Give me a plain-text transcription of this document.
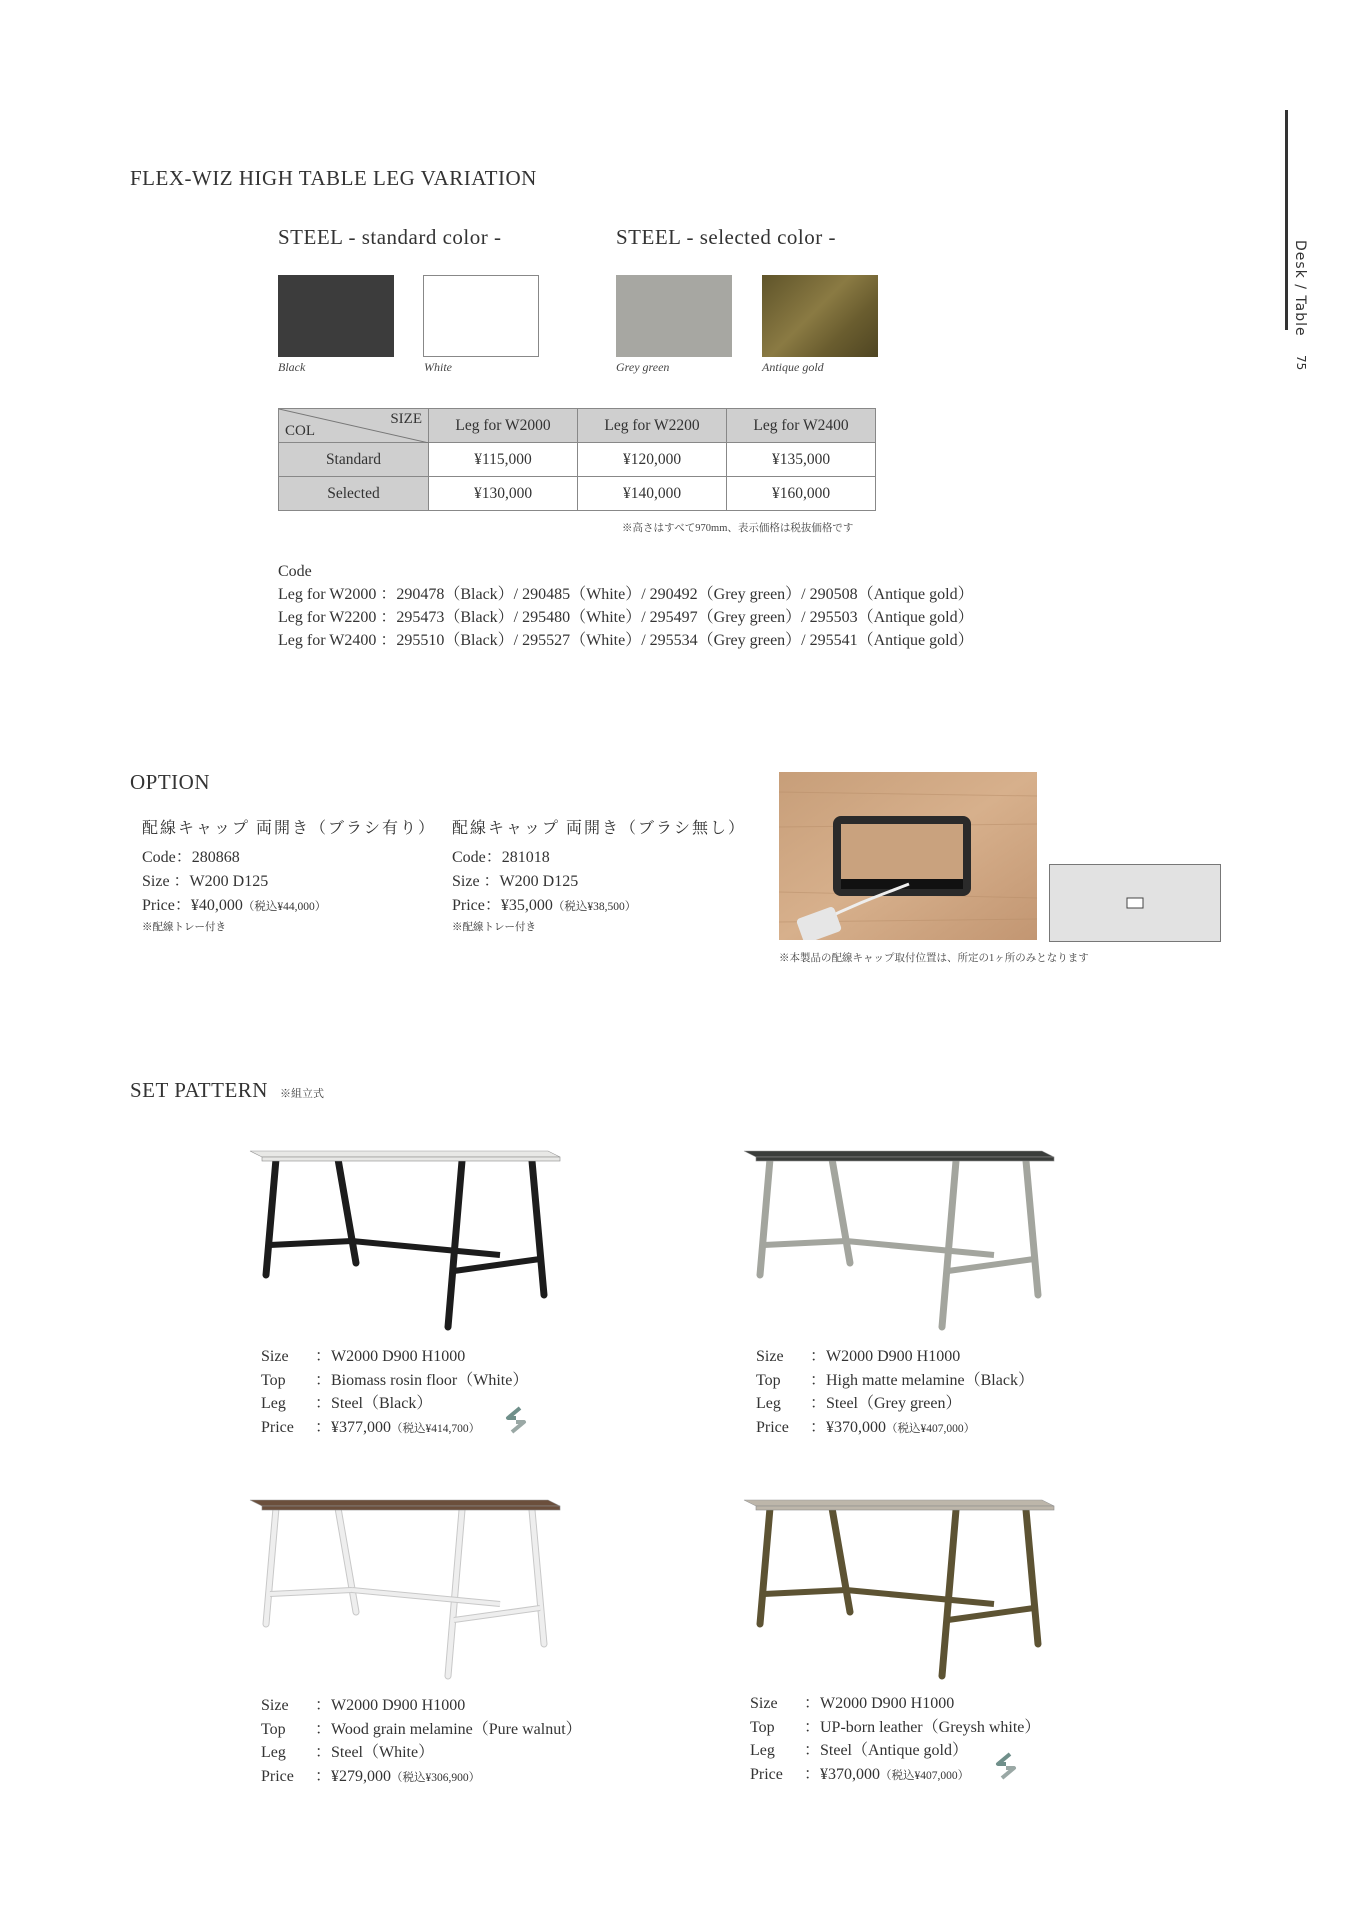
Desk / Table
75
FLEX-WIZ HIGH TABLE LEG VARIATION
STEEL - standard color -	STEEL - selected color -
Black	White	Grey green	Antique gold
SIZE
COL	Leg for W2000	Leg for W2200	Leg for W2400
Standard	¥115,000	¥120,000	¥135,000
Selected	¥130,000	¥140,000	¥160,000
※高さはすべて970mm、表示価格は税抜価格です
Code
Leg for W2000 ：290478（Black）/ 290485（White）/ 290492（Grey green）/ 290508（Antique gold）
Leg for W2200 ：295473（Black）/ 295480（White）/ 295497（Grey green）/ 295503（Antique gold）
Leg for W2400 ：295510（Black）/ 295527（White）/ 295534（Grey green）/ 295541（Antique gold）
OPTION
配線キャップ 両開き（ブラシ有り）
Code：280868
Size ：W200 D125
Price：¥40,000（税込¥44,000）
※配線トレー付き
配線キャップ 両開き（ブラシ無し）
Code：281018
Size ：W200 D125
Price：¥35,000（税込¥38,500）
※配線トレー付き
※本製品の配線キャップ取付位置は、所定の1ヶ所のみとなります
SET PATTERN ※組立式
Size ：W2000 D900 H1000
Top ：Biomass rosin floor（White）
Leg ：Steel（Black）
Price ：¥377,000（税込¥414,700）
Size ：W2000 D900 H1000
Top ：High matte melamine（Black）
Leg ：Steel（Grey green）
Price ：¥370,000（税込¥407,000）
Size ：W2000 D900 H1000
Top ：Wood grain melamine（Pure walnut）
Leg ：Steel（White）
Price ：¥279,000（税込¥306,900）
Size ：W2000 D900 H1000
Top ：UP-born leather（Greysh white）
Leg ：Steel（Antique gold）
Price ：¥370,000（税込¥407,000）
